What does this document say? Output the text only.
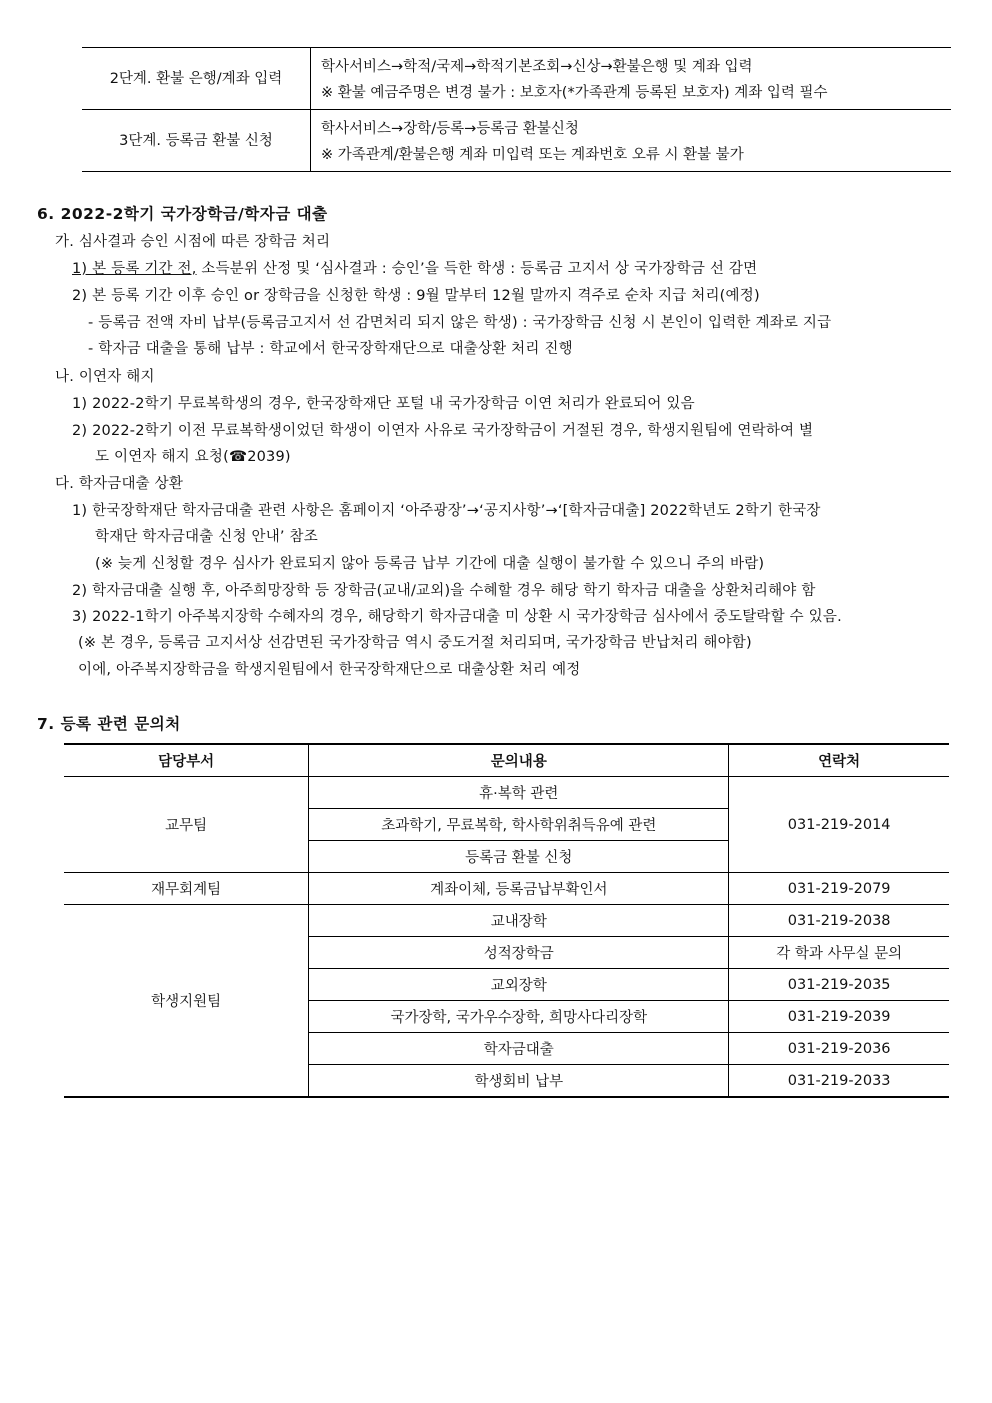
2단계. 환불 은행/계좌 입력	학사서비스→학적/국제→학적기본조회→신상→환불은행 및 계좌 입력
※ 환불 예금주명은 변경 불가 : 보호자(*가족관계 등록된 보호자) 계좌 입력 필수

3단계. 등록금 환불 신청	학사서비스→장학/등록→등록금 환불신청
※ 가족관계/환불은행 계좌 미입력 또는 계좌번호 오류 시 환불 불가
6. 2022-2학기 국가장학금/학자금 대출
가. 심사결과 승인 시점에 따른 장학금 처리
1) 본 등록 기간 전, 소득분위 산정 및 ‘심사결과 : 승인’을 득한 학생 : 등록금 고지서 상 국가장학금 선 감면
2) 본 등록 기간 이후 승인 or 장학금을 신청한 학생 : 9월 말부터 12월 말까지 격주로 순차 지급 처리(예정)
- 등록금 전액 자비 납부(등록금고지서 선 감면처리 되지 않은 학생) : 국가장학금 신청 시 본인이 입력한 계좌로 지급
- 학자금 대출을 통해 납부 : 학교에서 한국장학재단으로 대출상환 처리 진행
나. 이연자 해지
1) 2022-2학기 무료복학생의 경우, 한국장학재단 포털 내 국가장학금 이연 처리가 완료되어 있음
2) 2022-2학기 이전 무료복학생이었던 학생이 이연자 사유로 국가장학금이 거절된 경우, 학생지원팀에 연락하여 별
도 이연자 해지 요청(☎2039)
다. 학자금대출 상환
1) 한국장학재단 학자금대출 관련 사항은 홈페이지 ‘아주광장’→‘공지사항’→‘[학자금대출] 2022학년도 2학기 한국장
학재단 학자금대출 신청 안내’ 참조
(※ 늦게 신청할 경우 심사가 완료되지 않아 등록금 납부 기간에 대출 실행이 불가할 수 있으니 주의 바람)
2) 학자금대출 실행 후, 아주희망장학 등 장학금(교내/교외)을 수혜할 경우 해당 학기 학자금 대출을 상환처리해야 함
3) 2022-1학기 아주복지장학 수혜자의 경우, 해당학기 학자금대출 미 상환 시 국가장학금 심사에서 중도탈락할 수 있음.
(※ 본 경우, 등록금 고지서상 선감면된 국가장학금 역시 중도거절 처리되며, 국가장학금 반납처리 해야함)
이에, 아주복지장학금을 학생지원팀에서 한국장학재단으로 대출상환 처리 예정
7. 등록 관련 문의처
담당부서	문의내용	연락처
교무팀	휴·복학 관련	031-219-2014
	초과학기, 무료복학, 학사학위취득유예 관련	
	등록금 환불 신청	
재무회계팀	계좌이체, 등록금납부확인서	031-219-2079
학생지원팀	교내장학	031-219-2038
	성적장학금	각 학과 사무실 문의
	교외장학	031-219-2035
	국가장학, 국가우수장학, 희망사다리장학	031-219-2039
	학자금대출	031-219-2036
	학생회비 납부	031-219-2033
